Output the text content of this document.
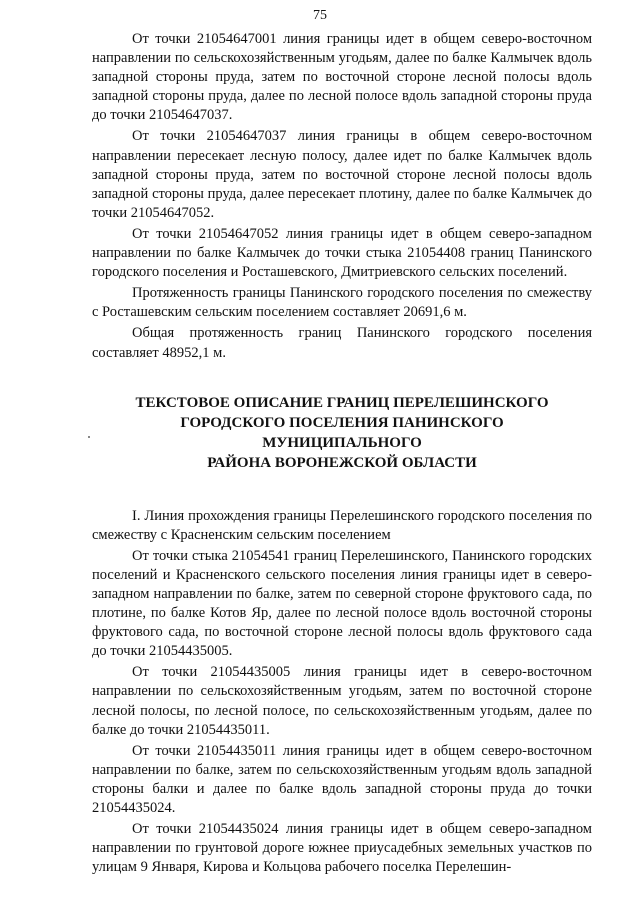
75

От точки 21054647001 линия границы идет в общем северо-восточном направлении по сельскохозяйственным угодьям, далее по балке Калмычек вдоль западной стороны пруда, затем по восточной стороне лесной полосы вдоль западной стороны пруда, далее по лесной полосе вдоль западной стороны пруда до точки 21054647037.

От точки 21054647037 линия границы в общем северо-восточном направлении пересекает лесную полосу, далее идет по балке Калмычек вдоль западной стороны пруда, затем по восточной стороне лесной полосы вдоль западной стороны пруда, далее пересекает плотину, далее по балке Калмычек до точки 21054647052.

От точки 21054647052 линия границы идет в общем северо-западном направлении по балке Калмычек до точки стыка 21054408 границ Панинского городского поселения и Росташевского, Дмитриевского сельских поселений.

Протяженность границы Панинского городского поселения по смежеству с Росташевским сельским поселением составляет 20691,6 м.

Общая протяженность границ Панинского городского поселения составляет 48952,1 м.

ТЕКСТОВОЕ ОПИСАНИЕ ГРАНИЦ ПЕРЕЛЕШИНСКОГО
ГОРОДСКОГО ПОСЕЛЕНИЯ ПАНИНСКОГО
МУНИЦИПАЛЬНОГО
РАЙОНА ВОРОНЕЖСКОЙ ОБЛАСТИ

I. Линия прохождения границы Перелешинского городского поселения по смежеству с Красненским сельским поселением

От точки стыка 21054541 границ Перелешинского, Панинского городских поселений и Красненского сельского поселения линия границы идет в северо-западном направлении по балке, затем по северной стороне фруктового сада, по плотине, по балке Котов Яр, далее по лесной полосе вдоль восточной стороны фруктового сада, по восточной стороне лесной полосы вдоль фруктового сада до точки 21054435005.

От точки 21054435005 линия границы идет в северо-восточном направлении по сельскохозяйственным угодьям, затем по восточной стороне лесной полосы, по лесной полосе, по сельскохозяйственным угодьям, далее по балке до точки 21054435011.

От точки 21054435011 линия границы идет в общем северо-восточном направлении по балке, затем по сельскохозяйственным угодьям вдоль западной стороны балки и далее по балке вдоль западной стороны пруда до точки 21054435024.

От точки 21054435024 линия границы идет в общем северо-западном направлении по грунтовой дороге южнее приусадебных земельных участков по улицам 9 Января, Кирова и Кольцова рабочего поселка Перелешин-
